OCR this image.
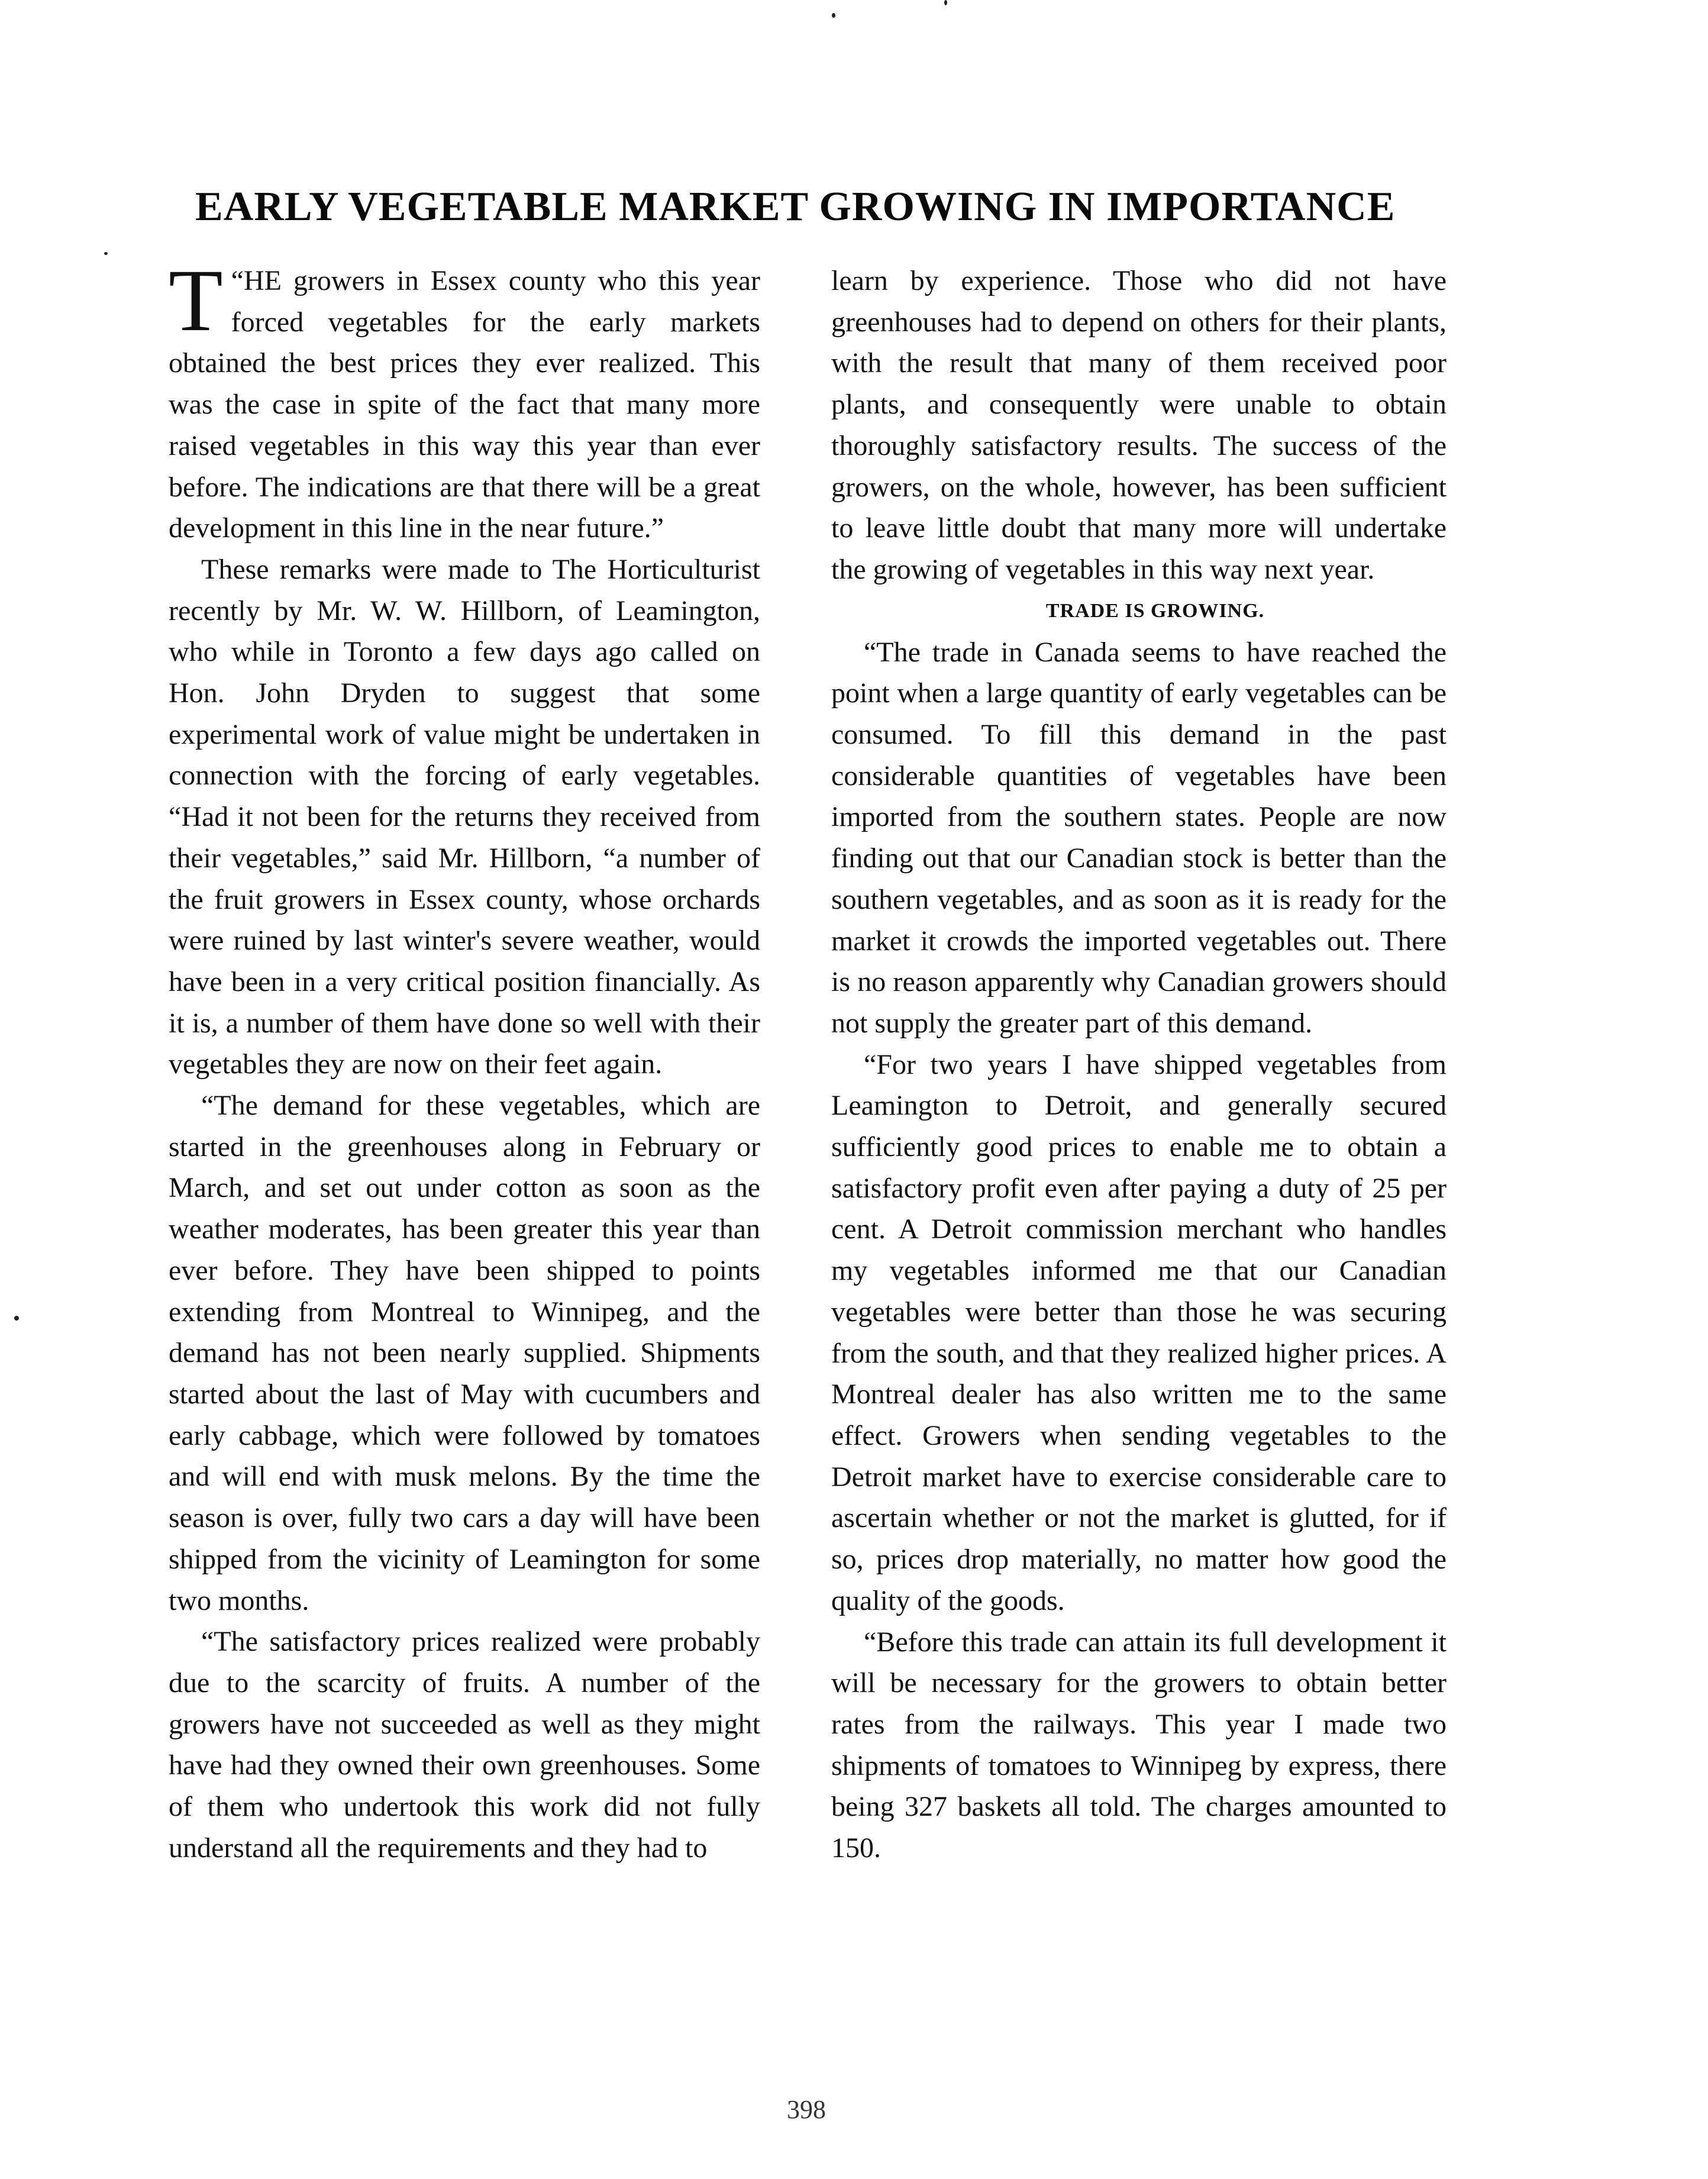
EARLY VEGETABLE MARKET GROWING IN IMPORTANCE

“
T HE growers in Essex county who this year forced vegetables for the early markets obtained the best prices they ever realized. This was the case in spite of the fact that many more raised vegetables in this way this year than ever before. The indications are that there will be a great development in this line in the near future.”

These remarks were made to The Horticulturist recently by Mr. W. W. Hillborn, of Leamington, who while in Toronto a few days ago called on Hon. John Dryden to suggest that some experimental work of value might be undertaken in connection with the forcing of early vegetables. “Had it not been for the returns they received from their vegetables,” said Mr. Hillborn, “a number of the fruit growers in Essex county, whose orchards were ruined by last winter's severe weather, would have been in a very critical position financially. As it is, a number of them have done so well with their vegetables they are now on their feet again.

“The demand for these vegetables, which are started in the greenhouses along in February or March, and set out under cotton as soon as the weather moderates, has been greater this year than ever before. They have been shipped to points extending from Montreal to Winnipeg, and the demand has not been nearly supplied. Shipments started about the last of May with cucumbers and early cabbage, which were followed by tomatoes and will end with musk melons. By the time the season is over, fully two cars a day will have been shipped from the vicinity of Leamington for some two months.

“The satisfactory prices realized were probably due to the scarcity of fruits. A number of the growers have not succeeded as well as they might have had they owned their own greenhouses. Some of them who undertook this work did not fully understand all the requirements and they had to

learn by experience. Those who did not have greenhouses had to depend on others for their plants, with the result that many of them received poor plants, and consequently were unable to obtain thoroughly satisfactory results. The success of the growers, on the whole, however, has been sufficient to leave little doubt that many more will undertake the growing of vegetables in this way next year.

TRADE IS GROWING.

“The trade in Canada seems to have reached the point when a large quantity of early vegetables can be consumed. To fill this demand in the past considerable quantities of vegetables have been imported from the southern states. People are now finding out that our Canadian stock is better than the southern vegetables, and as soon as it is ready for the market it crowds the imported vegetables out. There is no reason apparently why Canadian growers should not supply the greater part of this demand.

“For two years I have shipped vegetables from Leamington to Detroit, and generally secured sufficiently good prices to enable me to obtain a satisfactory profit even after paying a duty of 25 per cent. A Detroit commission merchant who handles my vegetables informed me that our Canadian vegetables were better than those he was securing from the south, and that they realized higher prices. A Montreal dealer has also written me to the same effect. Growers when sending vegetables to the Detroit market have to exercise considerable care to ascertain whether or not the market is glutted, for if so, prices drop materially, no matter how good the quality of the goods.

“Before this trade can attain its full development it will be necessary for the growers to obtain better rates from the railways. This year I made two shipments of tomatoes to Winnipeg by express, there being 327 baskets all told. The charges amounted to 150.

398
